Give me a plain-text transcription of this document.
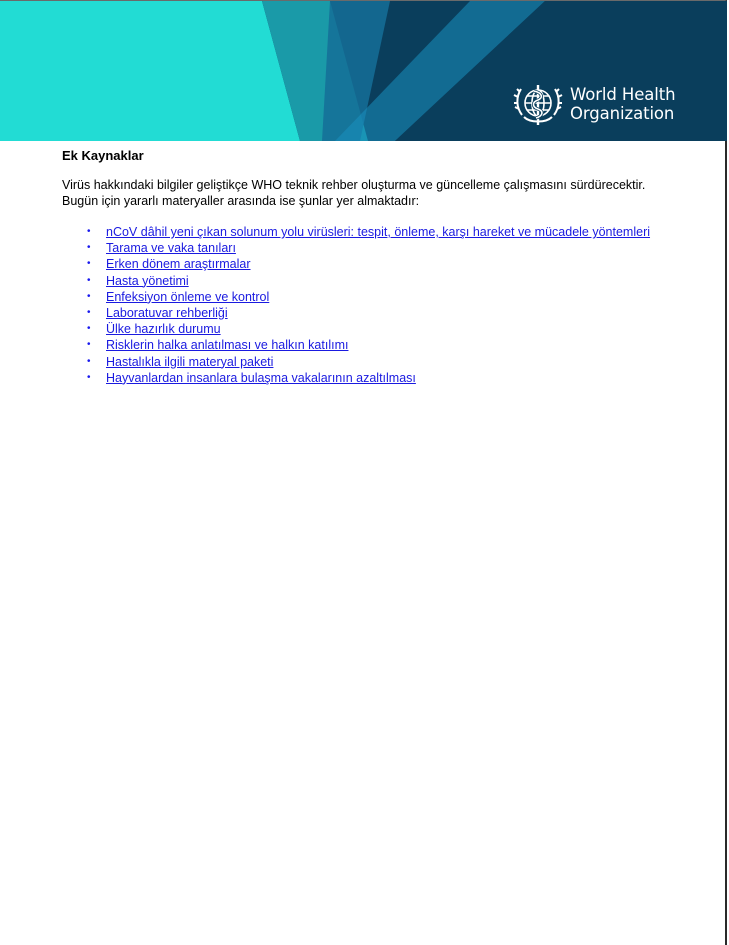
World Health
Organization
Ek Kaynaklar
Virüs hakkındaki bilgiler geliştikçe WHO teknik rehber oluşturma ve güncelleme çalışmasını sürdürecektir.
Bugün için yararlı materyaller arasında ise şunlar yer almaktadır:
• nCoV dâhil yeni çıkan solunum yolu virüsleri: tespit, önleme, karşı hareket ve mücadele yöntemleri
• Tarama ve vaka tanıları
• Erken dönem araştırmalar
• Hasta yönetimi
• Enfeksiyon önleme ve kontrol
• Laboratuvar rehberliği
• Ülke hazırlık durumu
• Risklerin halka anlatılması ve halkın katılımı
• Hastalıkla ilgili materyal paketi
• Hayvanlardan insanlara bulaşma vakalarının azaltılması
